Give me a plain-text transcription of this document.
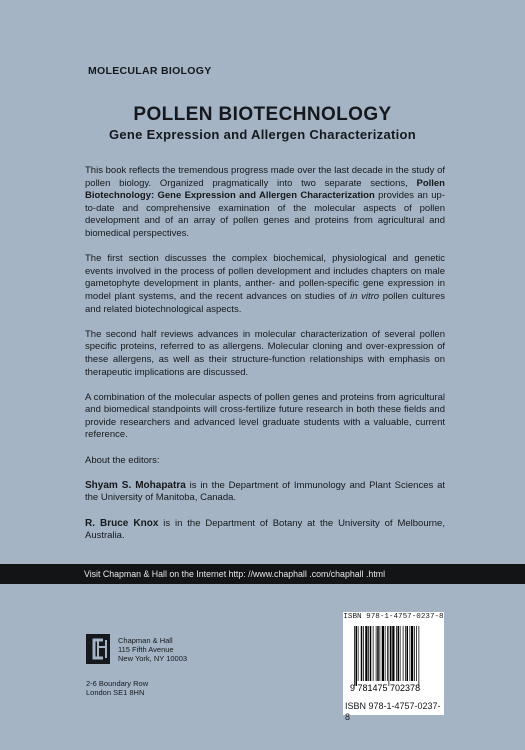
MOLECULAR BIOLOGY
POLLEN BIOTECHNOLOGY
Gene Expression and Allergen Characterization

This book reflects the tremendous progress made over the last decade in the study of pollen biology. Organized pragmatically into two separate sections, Pollen Biotechnology: Gene Expression and Allergen Characterization provides an up-to-date and comprehensive examination of the molecular aspects of pollen development and of an array of pollen genes and proteins from agricultural and biomedical perspectives.

The first section discusses the complex biochemical, physiological and genetic events involved in the process of pollen development and includes chapters on male gametophyte development in plants, anther- and pollen-specific gene expression in model plant systems, and the recent advances on studies of in vitro pollen cultures and related biotechnological aspects.

The second half reviews advances in molecular characterization of several pollen specific proteins, referred to as allergens. Molecular cloning and over-expression of these allergens, as well as their structure-function relationships with emphasis on therapeutic implications are discussed.

A combination of the molecular aspects of pollen genes and proteins from agricultural and biomedical standpoints will cross-fertilize future research in both these fields and provide researchers and advanced level graduate students with a valuable, current reference.

About the editors:

Shyam S. Mohapatra is in the Department of Immunology and Plant Sciences at the University of Manitoba, Canada.

R. Bruce Knox is in the Department of Botany at the University of Melbourne, Australia.

Visit Chapman & Hall on the Internet http: //www.chaphall .com/chaphall .html
Chapman & Hall
115 Fifth Avenue
New York, NY 10003
2-6 Boundary Row
London SE1 8HN
ISBN 978-1-4757-0237-8
9 781475 702378
ISBN 978-1-4757-0237-8
